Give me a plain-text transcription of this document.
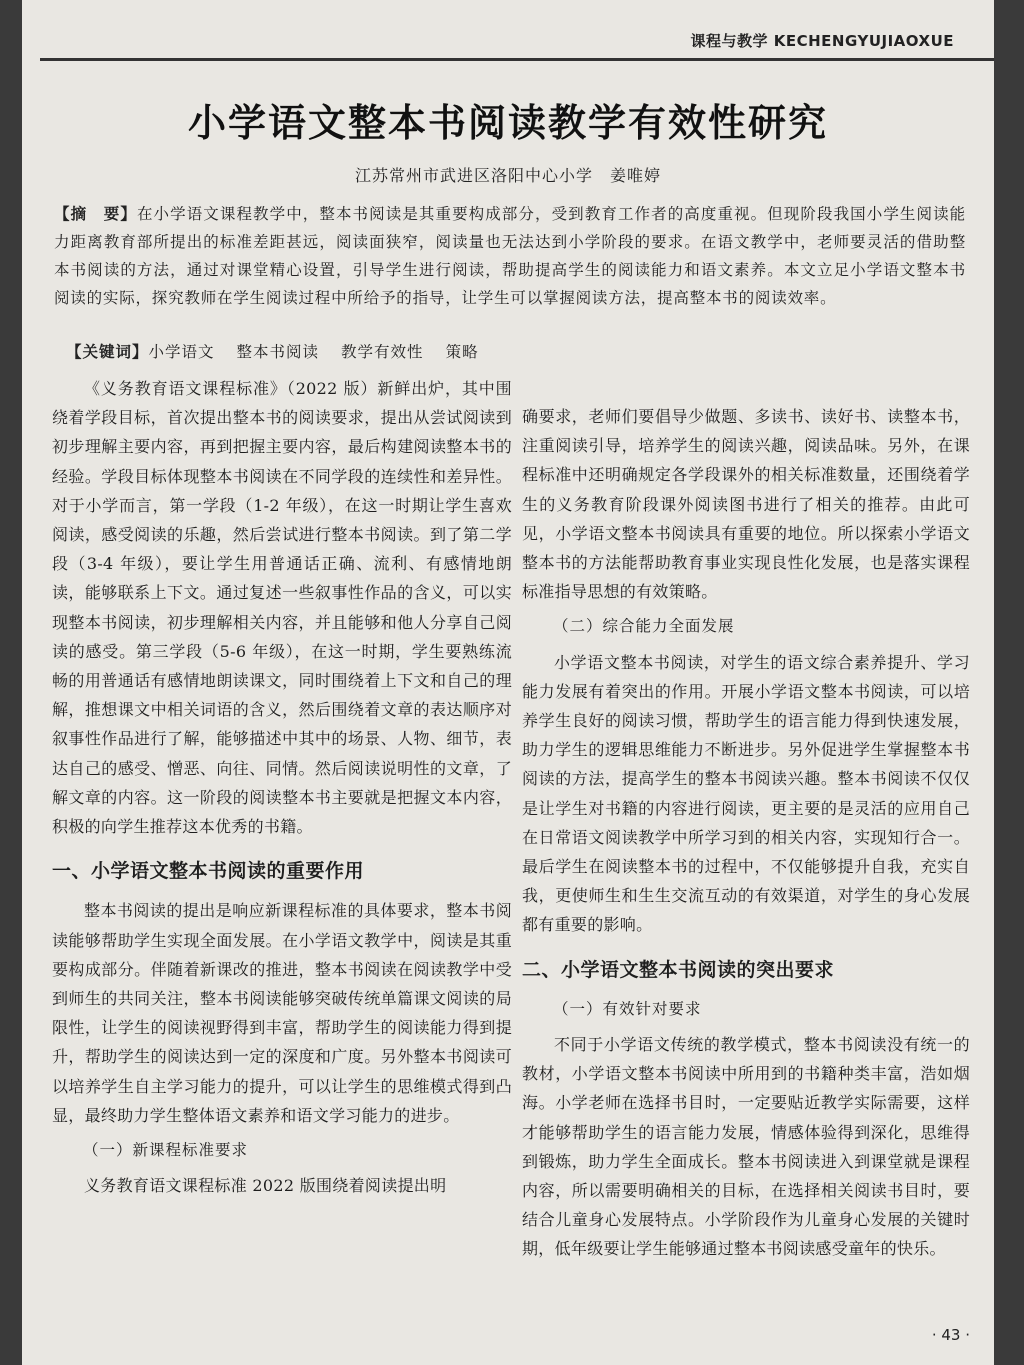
课程与教学 KECHENGYUJIAOXUE
小学语文整本书阅读教学有效性研究
江苏常州市武进区洛阳中心小学　姜唯婷
【摘　要】在小学语文课程教学中，整本书阅读是其重要构成部分，受到教育工作者的高度重视。但现阶段我国小学生阅读能力距离教育部所提出的标准差距甚远，阅读面狭窄，阅读量也无法达到小学阶段的要求。在语文教学中，老师要灵活的借助整本书阅读的方法，通过对课堂精心设置，引导学生进行阅读，帮助提高学生的阅读能力和语文素养。本文立足小学语文整本书阅读的实际，探究教师在学生阅读过程中所给予的指导，让学生可以掌握阅读方法，提高整本书的阅读效率。
【关键词】小学语文 整本书阅读 教学有效性 策略

《义务教育语文课程标准》（2022 版）新鲜出炉，其中围绕着学段目标，首次提出整本书的阅读要求，提出从尝试阅读到初步理解主要内容，再到把握主要内容，最后构建阅读整本书的经验。学段目标体现整本书阅读在不同学段的连续性和差异性。对于小学而言，第一学段（1-2 年级），在这一时期让学生喜欢阅读，感受阅读的乐趣，然后尝试进行整本书阅读。到了第二学段（3-4 年级），要让学生用普通话正确、流利、有感情地朗读，能够联系上下文。通过复述一些叙事性作品的含义，可以实现整本书阅读，初步理解相关内容，并且能够和他人分享自己阅读的感受。第三学段（5-6 年级），在这一时期，学生要熟练流畅的用普通话有感情地朗读课文，同时围绕着上下文和自己的理解，推想课文中相关词语的含义，然后围绕着文章的表达顺序对叙事性作品进行了解，能够描述中其中的场景、人物、细节，表达自己的感受、憎恶、向往、同情。然后阅读说明性的文章，了解文章的内容。这一阶段的阅读整本书主要就是把握文本内容，积极的向学生推荐这本优秀的书籍。

一、小学语文整本书阅读的重要作用

整本书阅读的提出是响应新课程标准的具体要求，整本书阅读能够帮助学生实现全面发展。在小学语文教学中，阅读是其重要构成部分。伴随着新课改的推进，整本书阅读在阅读教学中受到师生的共同关注，整本书阅读能够突破传统单篇课文阅读的局限性，让学生的阅读视野得到丰富，帮助学生的阅读能力得到提升，帮助学生的阅读达到一定的深度和广度。另外整本书阅读可以培养学生自主学习能力的提升，可以让学生的思维模式得到凸显，最终助力学生整体语文素养和语文学习能力的进步。

（一）新课程标准要求

义务教育语文课程标准 2022 版围绕着阅读提出明

确要求，老师们要倡导少做题、多读书、读好书、读整本书，注重阅读引导，培养学生的阅读兴趣，阅读品味。另外，在课程标准中还明确规定各学段课外的相关标准数量，还围绕着学生的义务教育阶段课外阅读图书进行了相关的推荐。由此可见，小学语文整本书阅读具有重要的地位。所以探索小学语文整本书的方法能帮助教育事业实现良性化发展，也是落实课程标准指导思想的有效策略。

（二）综合能力全面发展

小学语文整本书阅读，对学生的语文综合素养提升、学习能力发展有着突出的作用。开展小学语文整本书阅读，可以培养学生良好的阅读习惯，帮助学生的语言能力得到快速发展，助力学生的逻辑思维能力不断进步。另外促进学生掌握整本书阅读的方法，提高学生的整本书阅读兴趣。整本书阅读不仅仅是让学生对书籍的内容进行阅读，更主要的是灵活的应用自己在日常语文阅读教学中所学习到的相关内容，实现知行合一。最后学生在阅读整本书的过程中，不仅能够提升自我，充实自我，更使师生和生生交流互动的有效渠道，对学生的身心发展都有重要的影响。

二、小学语文整本书阅读的突出要求
（一）有效针对要求

不同于小学语文传统的教学模式，整本书阅读没有统一的教材，小学语文整本书阅读中所用到的书籍种类丰富，浩如烟海。小学老师在选择书目时，一定要贴近教学实际需要，这样才能够帮助学生的语言能力发展，情感体验得到深化，思维得到锻炼，助力学生全面成长。整本书阅读进入到课堂就是课程内容，所以需要明确相关的目标，在选择相关阅读书目时，要结合儿童身心发展特点。小学阶段作为儿童身心发展的关键时期，低年级要让学生能够通过整本书阅读感受童年的快乐。

· 43 ·
